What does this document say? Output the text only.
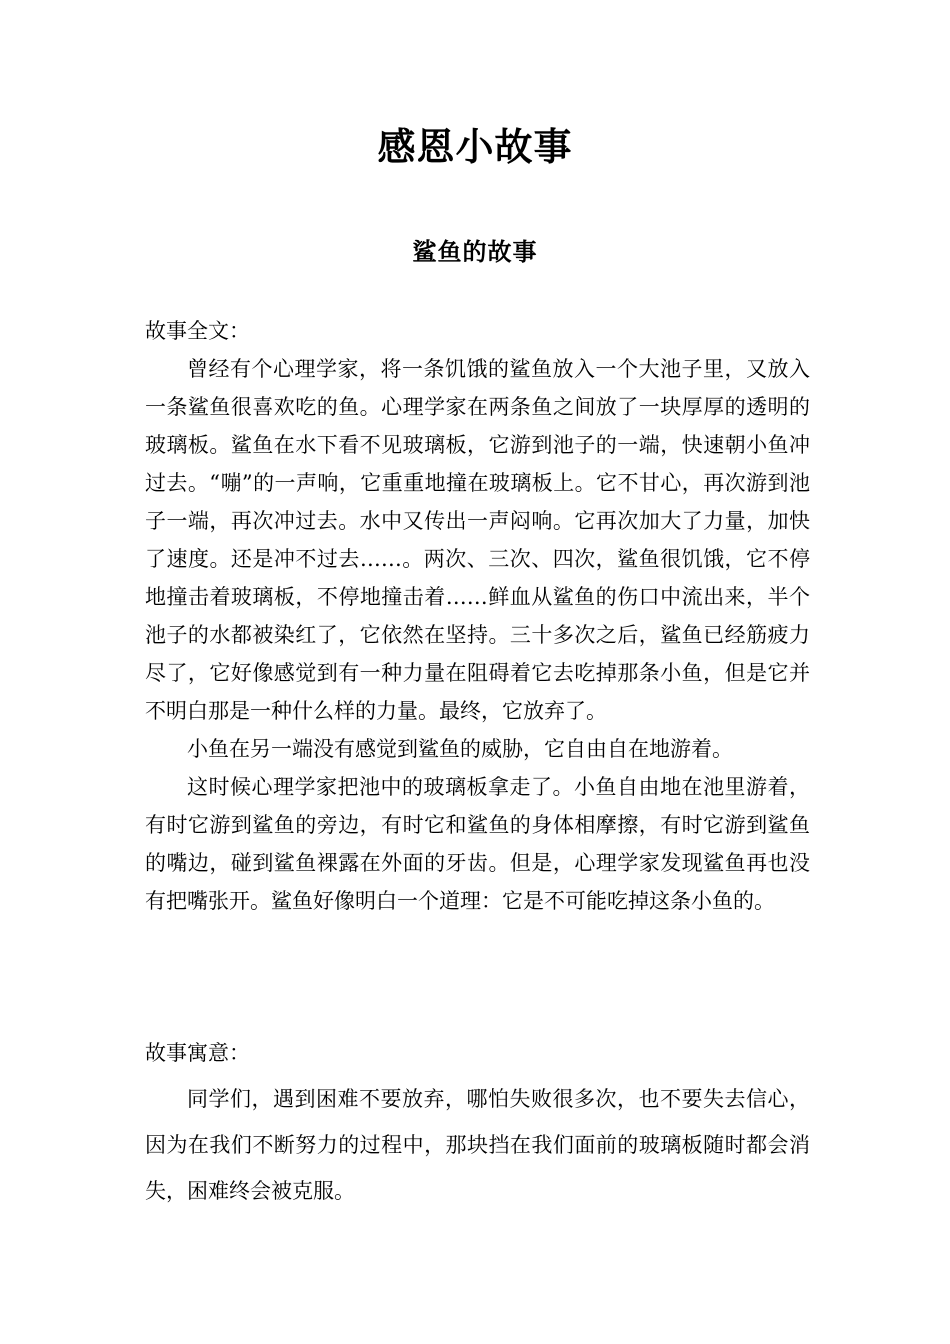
感恩小故事
鲨鱼的故事

故事全文：

曾经有个心理学家，将一条饥饿的鲨鱼放入一个大池子里，又放入一条鲨鱼很喜欢吃的鱼。心理学家在两条鱼之间放了一块厚厚的透明的玻璃板。鲨鱼在水下看不见玻璃板，它游到池子的一端，快速朝小鱼冲过去。“嘣”的一声响，它重重地撞在玻璃板上。它不甘心，再次游到池子一端，再次冲过去。水中又传出一声闷响。它再次加大了力量，加快了速度。还是冲不过去……。两次、三次、四次，鲨鱼很饥饿，它不停地撞击着玻璃板，不停地撞击着……鲜血从鲨鱼的伤口中流出来，半个池子的水都被染红了，它依然在坚持。三十多次之后，鲨鱼已经筋疲力尽了，它好像感觉到有一种力量在阻碍着它去吃掉那条小鱼，但是它并不明白那是一种什么样的力量。最终，它放弃了。

小鱼在另一端没有感觉到鲨鱼的威胁，它自由自在地游着。

这时候心理学家把池中的玻璃板拿走了。小鱼自由地在池里游着，有时它游到鲨鱼的旁边，有时它和鲨鱼的身体相摩擦，有时它游到鲨鱼的嘴边，碰到鲨鱼裸露在外面的牙齿。但是，心理学家发现鲨鱼再也没有把嘴张开。鲨鱼好像明白一个道理：它是不可能吃掉这条小鱼的。

故事寓意：

同学们，遇到困难不要放弃，哪怕失败很多次，也不要失去信心，因为在我们不断努力的过程中，那块挡在我们面前的玻璃板随时都会消失，困难终会被克服。
